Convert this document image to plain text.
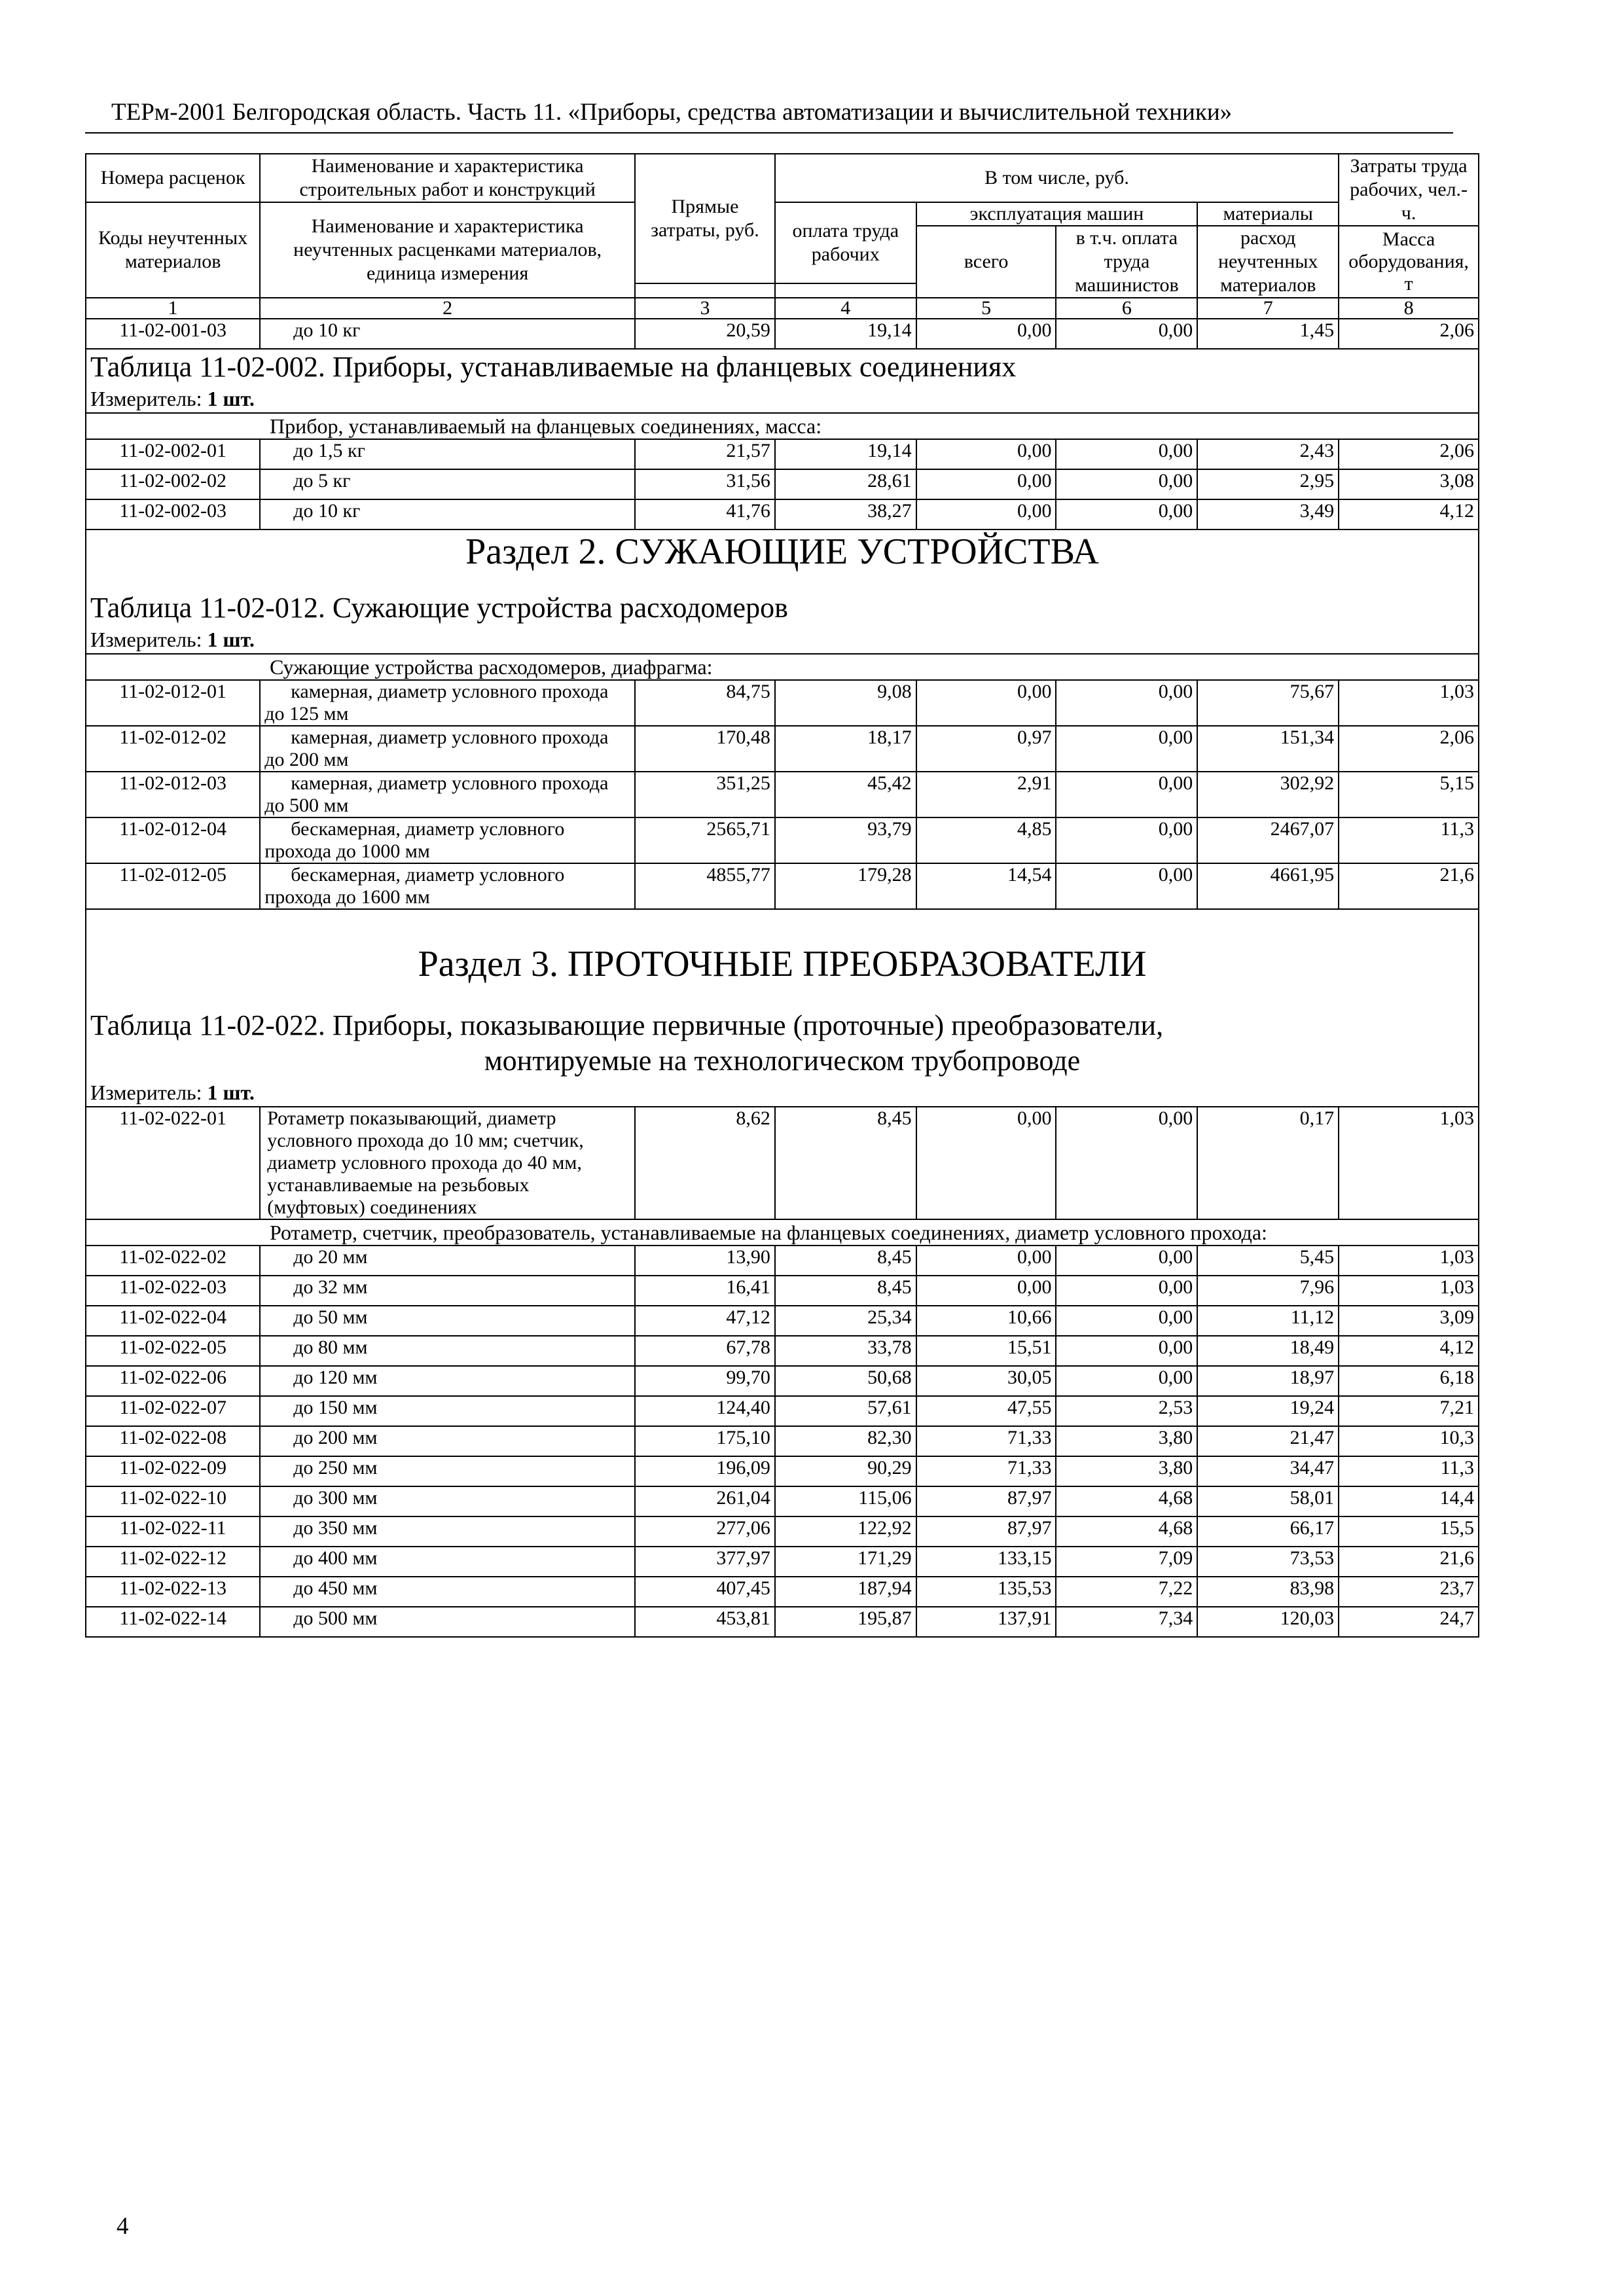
ТЕРм-2001 Белгородская область. Часть 11. «Приборы, средства автоматизации и вычислительной техники»
Номера расценок	Наименование и характеристика строительных работ и конструкций	Прямые затраты, руб.	В том числе, руб.				Затраты труда рабочих, чел.-ч.
Коды неучтенных материалов	Наименование и характеристика неучтенных расценками материалов, единица измерения		оплата труда рабочих	эксплуатация машин		материалы	
				всего	в т.ч. оплата труда машинистов	расход неучтенных материалов	Масса оборудования, т

1	2	3	4	5	6	7	8
11-02-001-03	до 10 кг	20,59	19,14	0,00	0,00	1,45	2,06
Таблица 11-02-002. Приборы, устанавливаемые на фланцевых соединениях							
Измеритель: 1 шт.							
Прибор, устанавливаемый на фланцевых соединениях, масса:							
11-02-002-01	до 1,5 кг	21,57	19,14	0,00	0,00	2,43	2,06
11-02-002-02	до 5 кг	31,56	28,61	0,00	0,00	2,95	3,08
11-02-002-03	до 10 кг	41,76	38,27	0,00	0,00	3,49	4,12
Раздел 2. СУЖАЮЩИЕ УСТРОЙСТВА							
Таблица 11-02-012. Сужающие устройства расходомеров							
Измеритель: 1 шт.							
Сужающие устройства расходомеров, диафрагма:							
11-02-012-01	камерная, диаметр условного прохода до 125 мм	84,75	9,08	0,00	0,00	75,67	1,03
11-02-012-02	камерная, диаметр условного прохода до 200 мм	170,48	18,17	0,97	0,00	151,34	2,06
11-02-012-03	камерная, диаметр условного прохода до 500 мм	351,25	45,42	2,91	0,00	302,92	5,15
11-02-012-04	бескамерная, диаметр условного прохода до 1000 мм	2565,71	93,79	4,85	0,00	2467,07	11,3
11-02-012-05	бескамерная, диаметр условного прохода до 1600 мм	4855,77	179,28	14,54	0,00	4661,95	21,6
Раздел 3. ПРОТОЧНЫЕ ПРЕОБРАЗОВАТЕЛИ							
Таблица 11-02-022. Приборы, показывающие первичные (проточные) преобразователи,							
монтируемые на технологическом трубопроводе							
Измеритель: 1 шт.							
11-02-022-01	Ротаметр показывающий, диаметр условного прохода до 10 мм; счетчик, диаметр условного прохода до 40 мм, устанавливаемые на резьбовых (муфтовых) соединениях	8,62	8,45	0,00	0,00	0,17	1,03
Ротаметр, счетчик, преобразователь, устанавливаемые на фланцевых соединениях, диаметр условного прохода:							
11-02-022-02	до 20 мм	13,90	8,45	0,00	0,00	5,45	1,03
11-02-022-03	до 32 мм	16,41	8,45	0,00	0,00	7,96	1,03
11-02-022-04	до 50 мм	47,12	25,34	10,66	0,00	11,12	3,09
11-02-022-05	до 80 мм	67,78	33,78	15,51	0,00	18,49	4,12
11-02-022-06	до 120 мм	99,70	50,68	30,05	0,00	18,97	6,18
11-02-022-07	до 150 мм	124,40	57,61	47,55	2,53	19,24	7,21
11-02-022-08	до 200 мм	175,10	82,30	71,33	3,80	21,47	10,3
11-02-022-09	до 250 мм	196,09	90,29	71,33	3,80	34,47	11,3
11-02-022-10	до 300 мм	261,04	115,06	87,97	4,68	58,01	14,4
11-02-022-11	до 350 мм	277,06	122,92	87,97	4,68	66,17	15,5
11-02-022-12	до 400 мм	377,97	171,29	133,15	7,09	73,53	21,6
11-02-022-13	до 450 мм	407,45	187,94	135,53	7,22	83,98	23,7
11-02-022-14	до 500 мм	453,81	195,87	137,91	7,34	120,03	24,7
4
